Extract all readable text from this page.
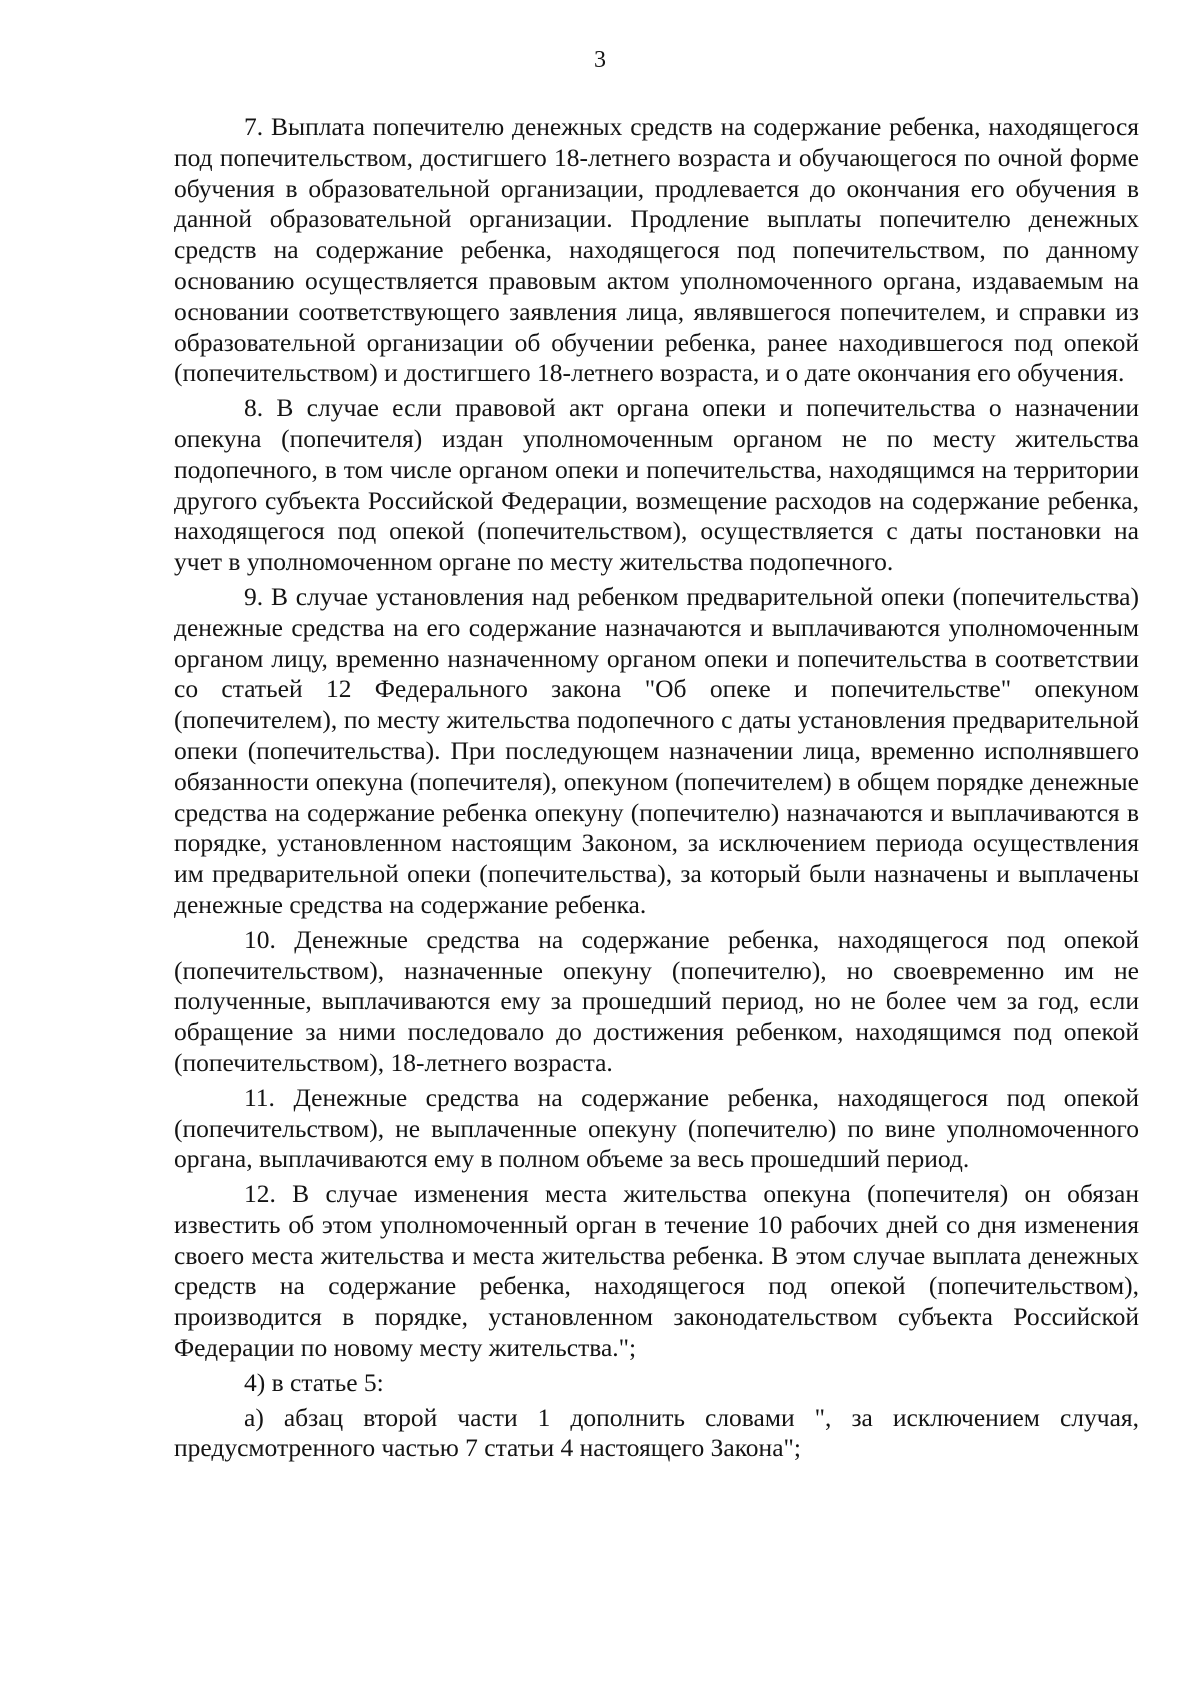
3

7. Выплата попечителю денежных средств на содержание ребенка, находящегося под попечительством, достигшего 18-летнего возраста и обучающегося по очной форме обучения в образовательной организации, продлевается до окончания его обучения в данной образовательной организации. Продление выплаты попечителю денежных средств на содержание ребенка, находящегося под попечительством, по данному основанию осуществляется правовым актом уполномоченного органа, издаваемым на основании соответствующего заявления лица, являвшегося попечителем, и справки из образовательной организации об обучении ребенка, ранее находившегося под опекой (попечительством) и достигшего 18-летнего возраста, и о дате окончания его обучения.

8. В случае если правовой акт органа опеки и попечительства о назначении опекуна (попечителя) издан уполномоченным органом не по месту жительства подопечного, в том числе органом опеки и попечительства, находящимся на территории другого субъекта Российской Федерации, возмещение расходов на содержание ребенка, находящегося под опекой (попечительством), осуществляется с даты постановки на учет в уполномоченном органе по месту жительства подопечного.

9. В случае установления над ребенком предварительной опеки (попечительства) денежные средства на его содержание назначаются и выплачиваются уполномоченным органом лицу, временно назначенному органом опеки и попечительства в соответствии со статьей 12 Федерального закона "Об опеке и попечительстве" опекуном (попечителем), по месту жительства подопечного с даты установления предварительной опеки (попечительства). При последующем назначении лица, временно исполнявшего обязанности опекуна (попечителя), опекуном (попечителем) в общем порядке денежные средства на содержание ребенка опекуну (попечителю) назначаются и выплачиваются в порядке, установленном настоящим Законом, за исключением периода осуществления им предварительной опеки (попечительства), за который были назначены и выплачены денежные средства на содержание ребенка.

10. Денежные средства на содержание ребенка, находящегося под опекой (попечительством), назначенные опекуну (попечителю), но своевременно им не полученные, выплачиваются ему за прошедший период, но не более чем за год, если обращение за ними последовало до достижения ребенком, находящимся под опекой (попечительством), 18-летнего возраста.

11. Денежные средства на содержание ребенка, находящегося под опекой (попечительством), не выплаченные опекуну (попечителю) по вине уполномоченного органа, выплачиваются ему в полном объеме за весь прошедший период.

12. В случае изменения места жительства опекуна (попечителя) он обязан известить об этом уполномоченный орган в течение 10 рабочих дней со дня изменения своего места жительства и места жительства ребенка. В этом случае выплата денежных средств на содержание ребенка, находящегося под опекой (попечительством), производится в порядке, установленном законодательством субъекта Российской Федерации по новому месту жительства.";

4) в статье 5:

а) абзац второй части 1 дополнить словами ", за исключением случая, предусмотренного частью 7 статьи 4 настоящего Закона";
